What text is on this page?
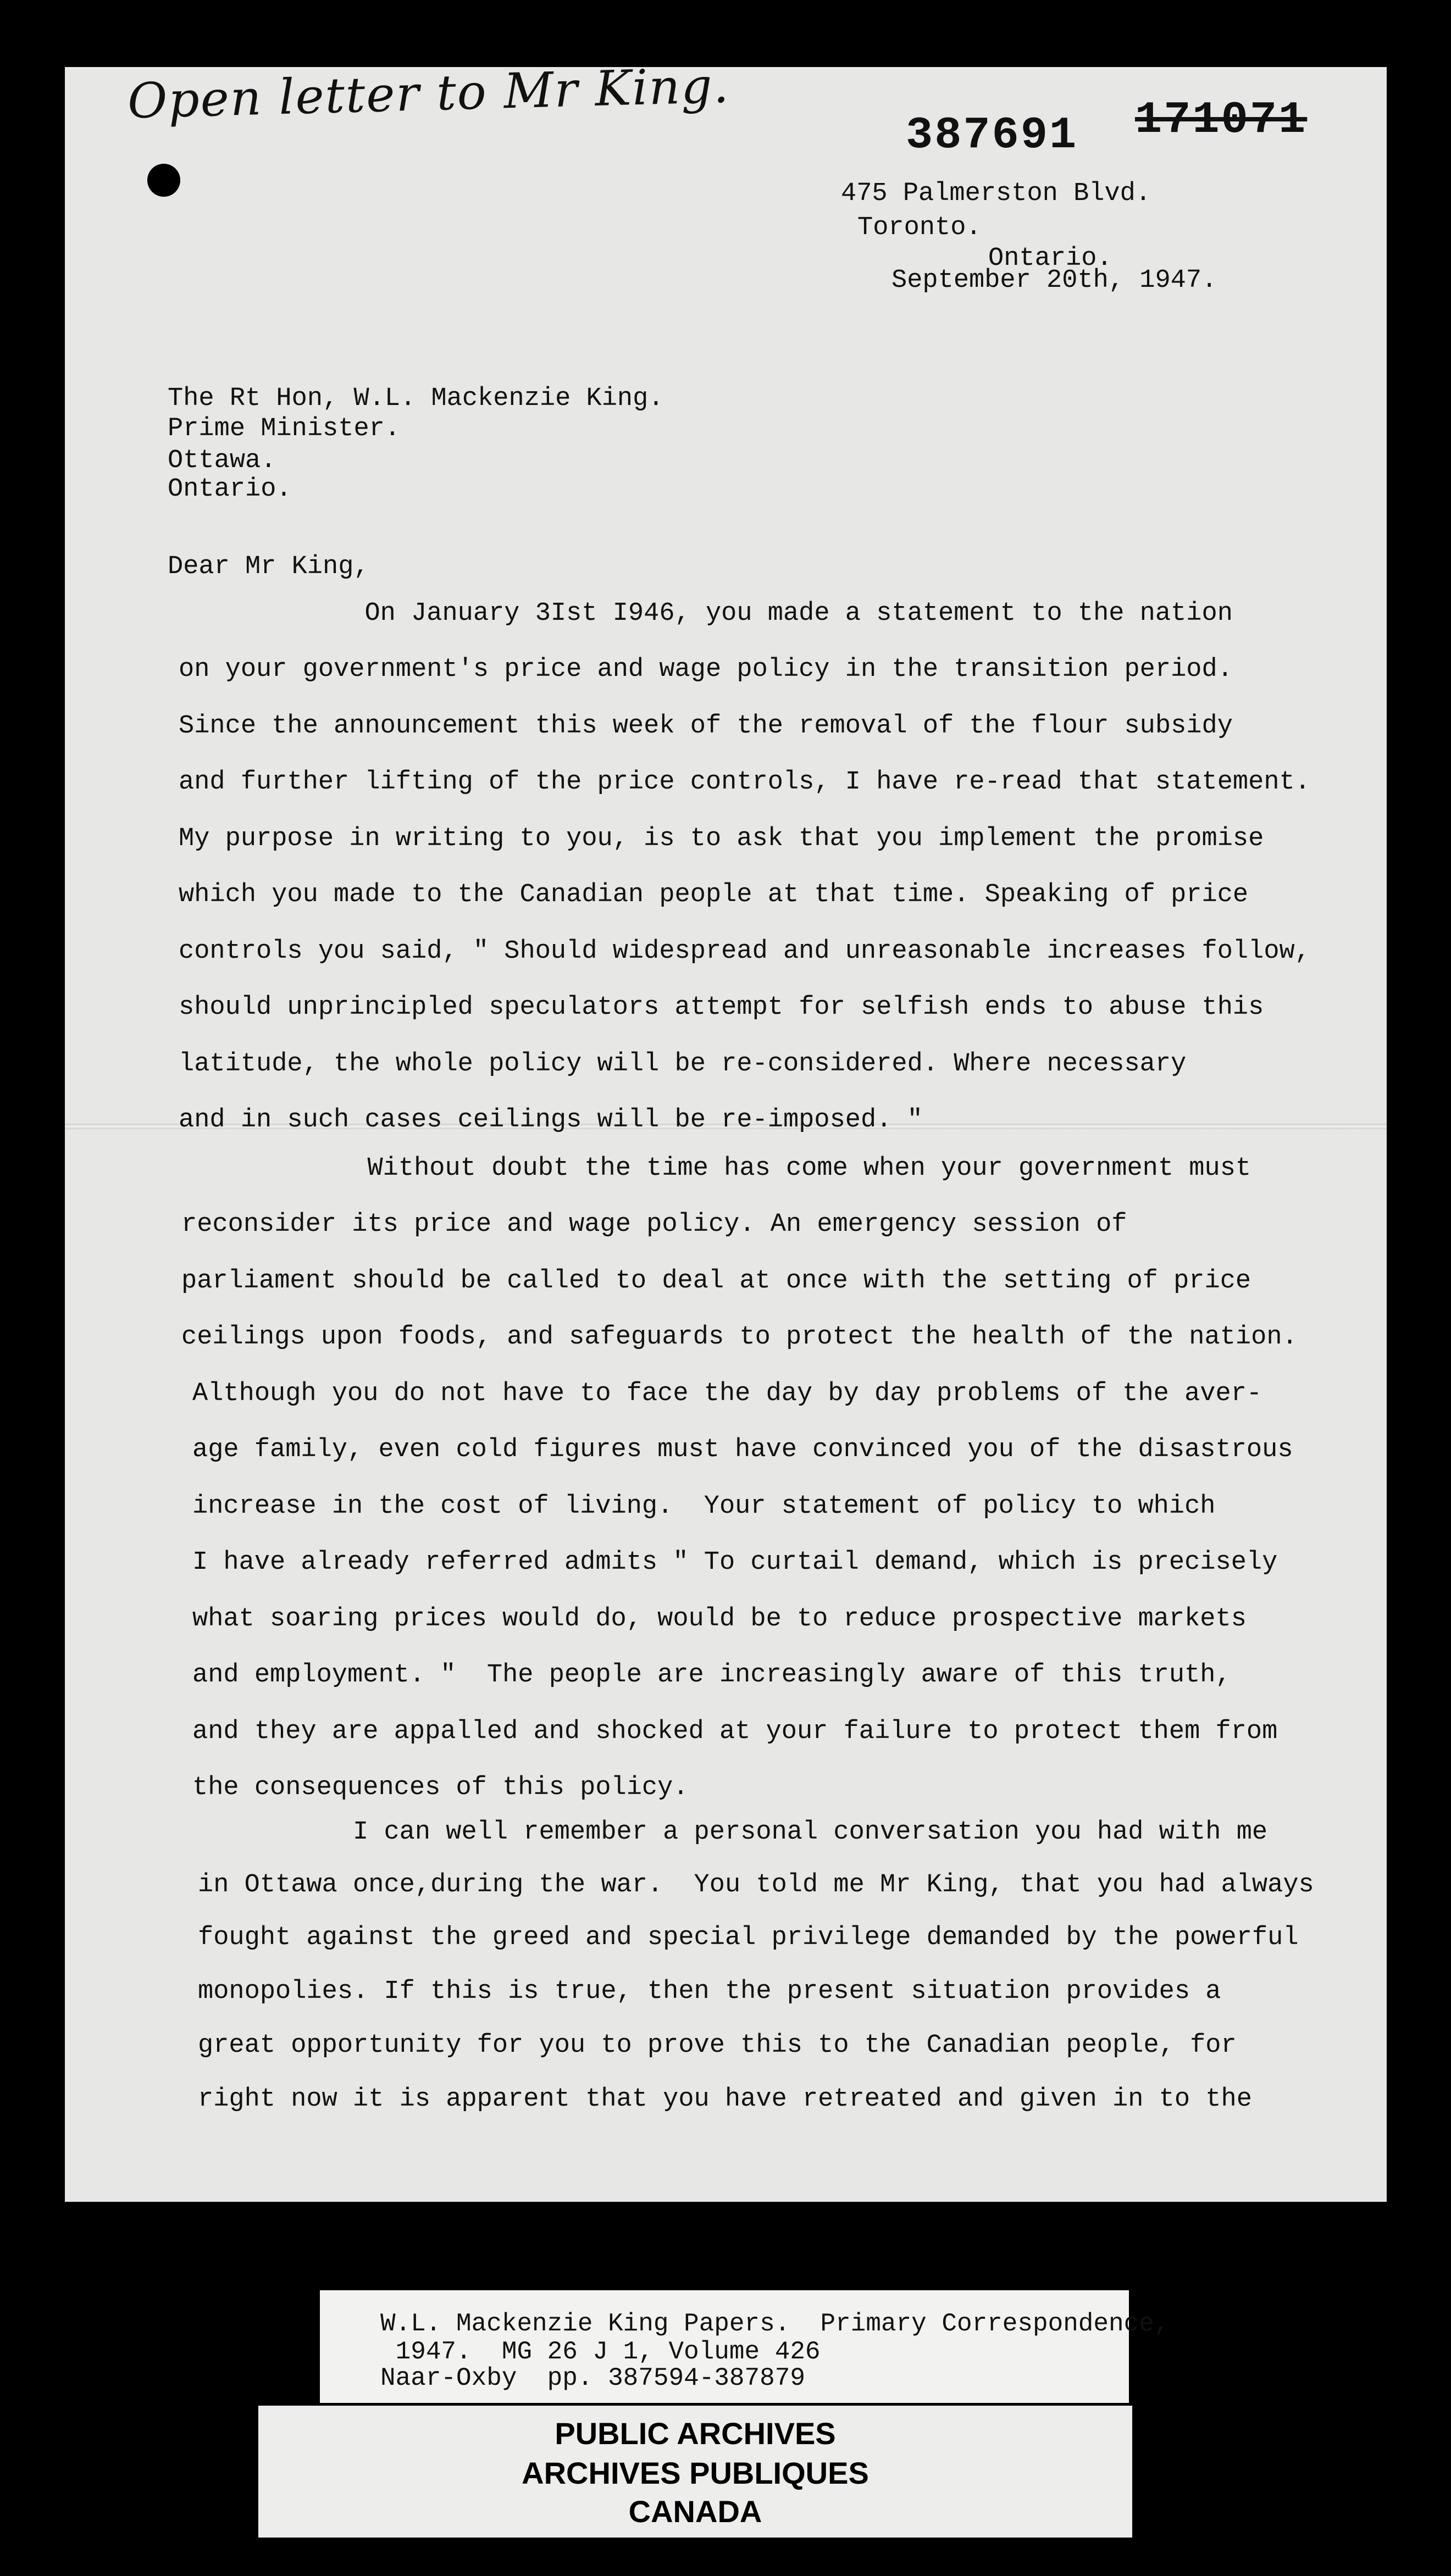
Open letter to Mr King.
387691 171071
475 Palmerston Blvd.
Toronto.
Ontario.
September 20th, 1947.
The Rt Hon, W.L. Mackenzie King.
Prime Minister.
Ottawa.
Ontario.
Dear Mr King,

On January 3Ist I946, you made a statement to the nation

on your government's price and wage policy in the transition period.

Since the announcement this week of the removal of the flour subsidy

and further lifting of the price controls, I have re-read that statement.

My purpose in writing to you, is to ask that you implement the promise

which you made to the Canadian people at that time. Speaking of price

controls you said, " Should widespread and unreasonable increases follow,

should unprincipled speculators attempt for selfish ends to abuse this

latitude, the whole policy will be re-considered. Where necessary

and in such cases ceilings will be re-imposed. "

Without doubt the time has come when your government must

reconsider its price and wage policy. An emergency session of

parliament should be called to deal at once with the setting of price

ceilings upon foods, and safeguards to protect the health of the nation.

Although you do not have to face the day by day problems of the aver-

age family, even cold figures must have convinced you of the disastrous

increase in the cost of living.  Your statement of policy to which

I have already referred admits " To curtail demand, which is precisely

what soaring prices would do, would be to reduce prospective markets

and employment. "  The people are increasingly aware of this truth,

and they are appalled and shocked at your failure to protect them from

the consequences of this policy.

I can well remember a personal conversation you had with me

in Ottawa once,during the war.  You told me Mr King, that you had always

fought against the greed and special privilege demanded by the powerful

monopolies. If this is true, then the present situation provides a

great opportunity for you to prove this to the Canadian people, for

right now it is apparent that you have retreated and given in to the

W.L. Mackenzie King Papers.  Primary Correspondence,
1947.  MG 26 J 1, Volume 426
Naar-Oxby  pp. 387594-387879
PUBLIC ARCHIVES
ARCHIVES PUBLIQUES
CANADA
